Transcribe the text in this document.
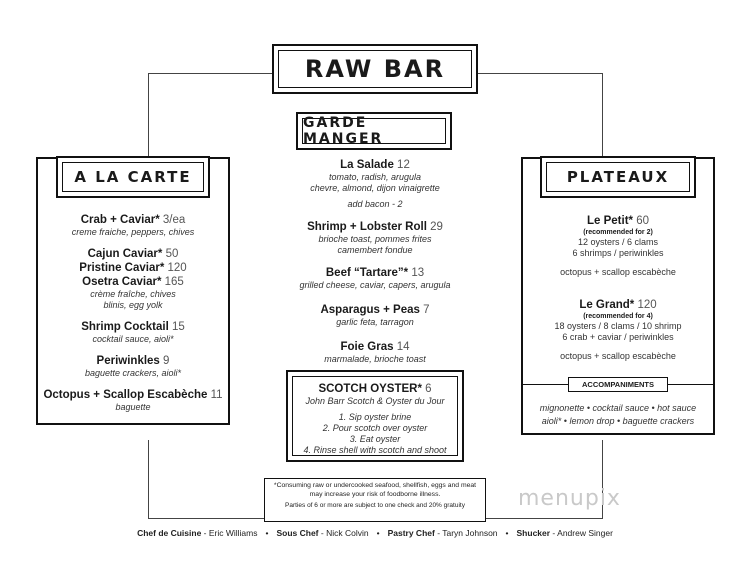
RAW BAR
GARDE MANGER
La Salade 12
tomato, radish, arugula
chevre, almond, dijon vinaigrette
add bacon - 2
Shrimp + Lobster Roll 29
brioche toast, pommes frites
camembert fondue
Beef “Tartare”* 13
grilled cheese, caviar, capers, arugula
Asparagus + Peas 7
garlic feta, tarragon
Foie Gras 14
marmalade, brioche toast
SCOTCH OYSTER* 6
John Barr Scotch & Oyster du Jour
1. Sip oyster brine
2. Pour scotch over oyster
3. Eat oyster
4. Rinse shell with scotch and shoot
A LA CARTE
Crab + Caviar* 3/ea
creme fraiche, peppers, chives
Cajun Caviar* 50
Pristine Caviar* 120
Osetra Caviar* 165
crème fraîche, chives
blinis, egg yolk
Shrimp Cocktail 15
cocktail sauce, aioli*
Periwinkles 9
baguette crackers, aioli*
Octopus + Scallop Escabèche 11
baguette
PLATEAUX
Le Petit* 60
(recommended for 2)
12 oysters / 6 clams
6 shrimps / periwinkles
octopus + scallop escabèche
Le Grand* 120
(recommended for 4)
18 oysters / 8 clams / 10 shrimp
6 crab + caviar / periwinkles
octopus + scallop escabèche
ACCOMPANIMENTS
mignonette • cocktail sauce • hot sauce
aioli* • lemon drop • baguette crackers
*Consuming raw or undercooked seafood, shellfish, eggs and meat may increase your risk of foodborne illness.
Parties of 6 or more are subject to one check and 20% gratuity	menupix
Chef de Cuisine - Eric Williams • Sous Chef - Nick Colvin • Pastry Chef - Taryn Johnson • Shucker - Andrew Singer
